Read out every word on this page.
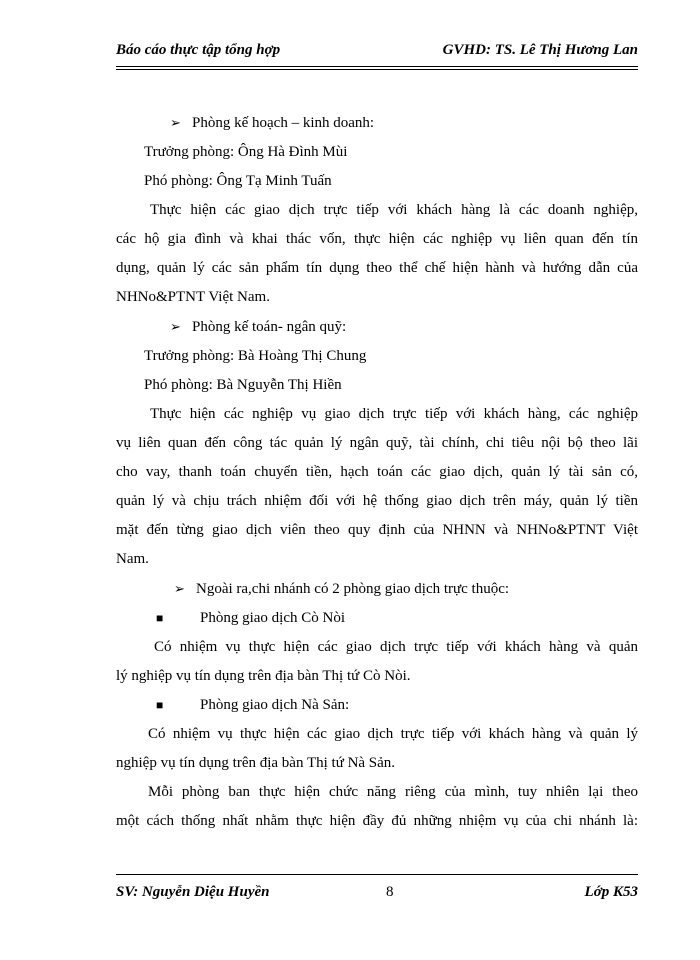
Báo cáo thực tập tổng hợp	GVHD: TS. Lê Thị Hương Lan
➢ Phòng kế hoạch – kinh doanh:
Trưởng phòng: Ông Hà Đình Mùi
Phó phòng: Ông Tạ Minh Tuấn
Thực hiện các giao dịch trực tiếp với khách hàng là các doanh nghiệp,
các hộ gia đình và khai thác vốn, thực hiện các nghiệp vụ liên quan đến tín
dụng, quản lý các sản phẩm tín dụng theo thể chế hiện hành và hướng dẫn của
NHNo&PTNT Việt Nam.
➢ Phòng kế toán- ngân quỹ:
Trưởng phòng: Bà Hoàng Thị Chung
Phó phòng: Bà Nguyễn Thị Hiền
Thực hiện các nghiệp vụ giao dịch trực tiếp với khách hàng, các nghiệp
vụ liên quan đến công tác quản lý ngân quỹ, tài chính, chi tiêu nội bộ theo lãi
cho vay, thanh toán chuyển tiền, hạch toán các giao dịch, quản lý tài sản có,
quản lý và chịu trách nhiệm đối với hệ thống giao dịch trên máy, quản lý tiền
mặt đến từng giao dịch viên theo quy định của NHNN và NHNo&PTNT Việt
Nam.
➢ Ngoài ra,chi nhánh có 2 phòng giao dịch trực thuộc:
■ Phòng giao dịch Cò Nòi
Có nhiệm vụ thực hiện các giao dịch trực tiếp với khách hàng và quản
lý nghiệp vụ tín dụng trên địa bàn Thị tứ Cò Nòi.
■ Phòng giao dịch Nà Sản:
Có nhiệm vụ thực hiện các giao dịch trực tiếp với khách hàng và quản lý
nghiệp vụ tín dụng trên địa bàn Thị tứ Nà Sản.
Mỗi phòng ban thực hiện chức năng riêng của mình, tuy nhiên lại theo
một cách thống nhất nhằm thực hiện đầy đủ những nhiệm vụ của chi nhánh là:
SV: Nguyễn Diệu Huyền	8	Lớp K53
